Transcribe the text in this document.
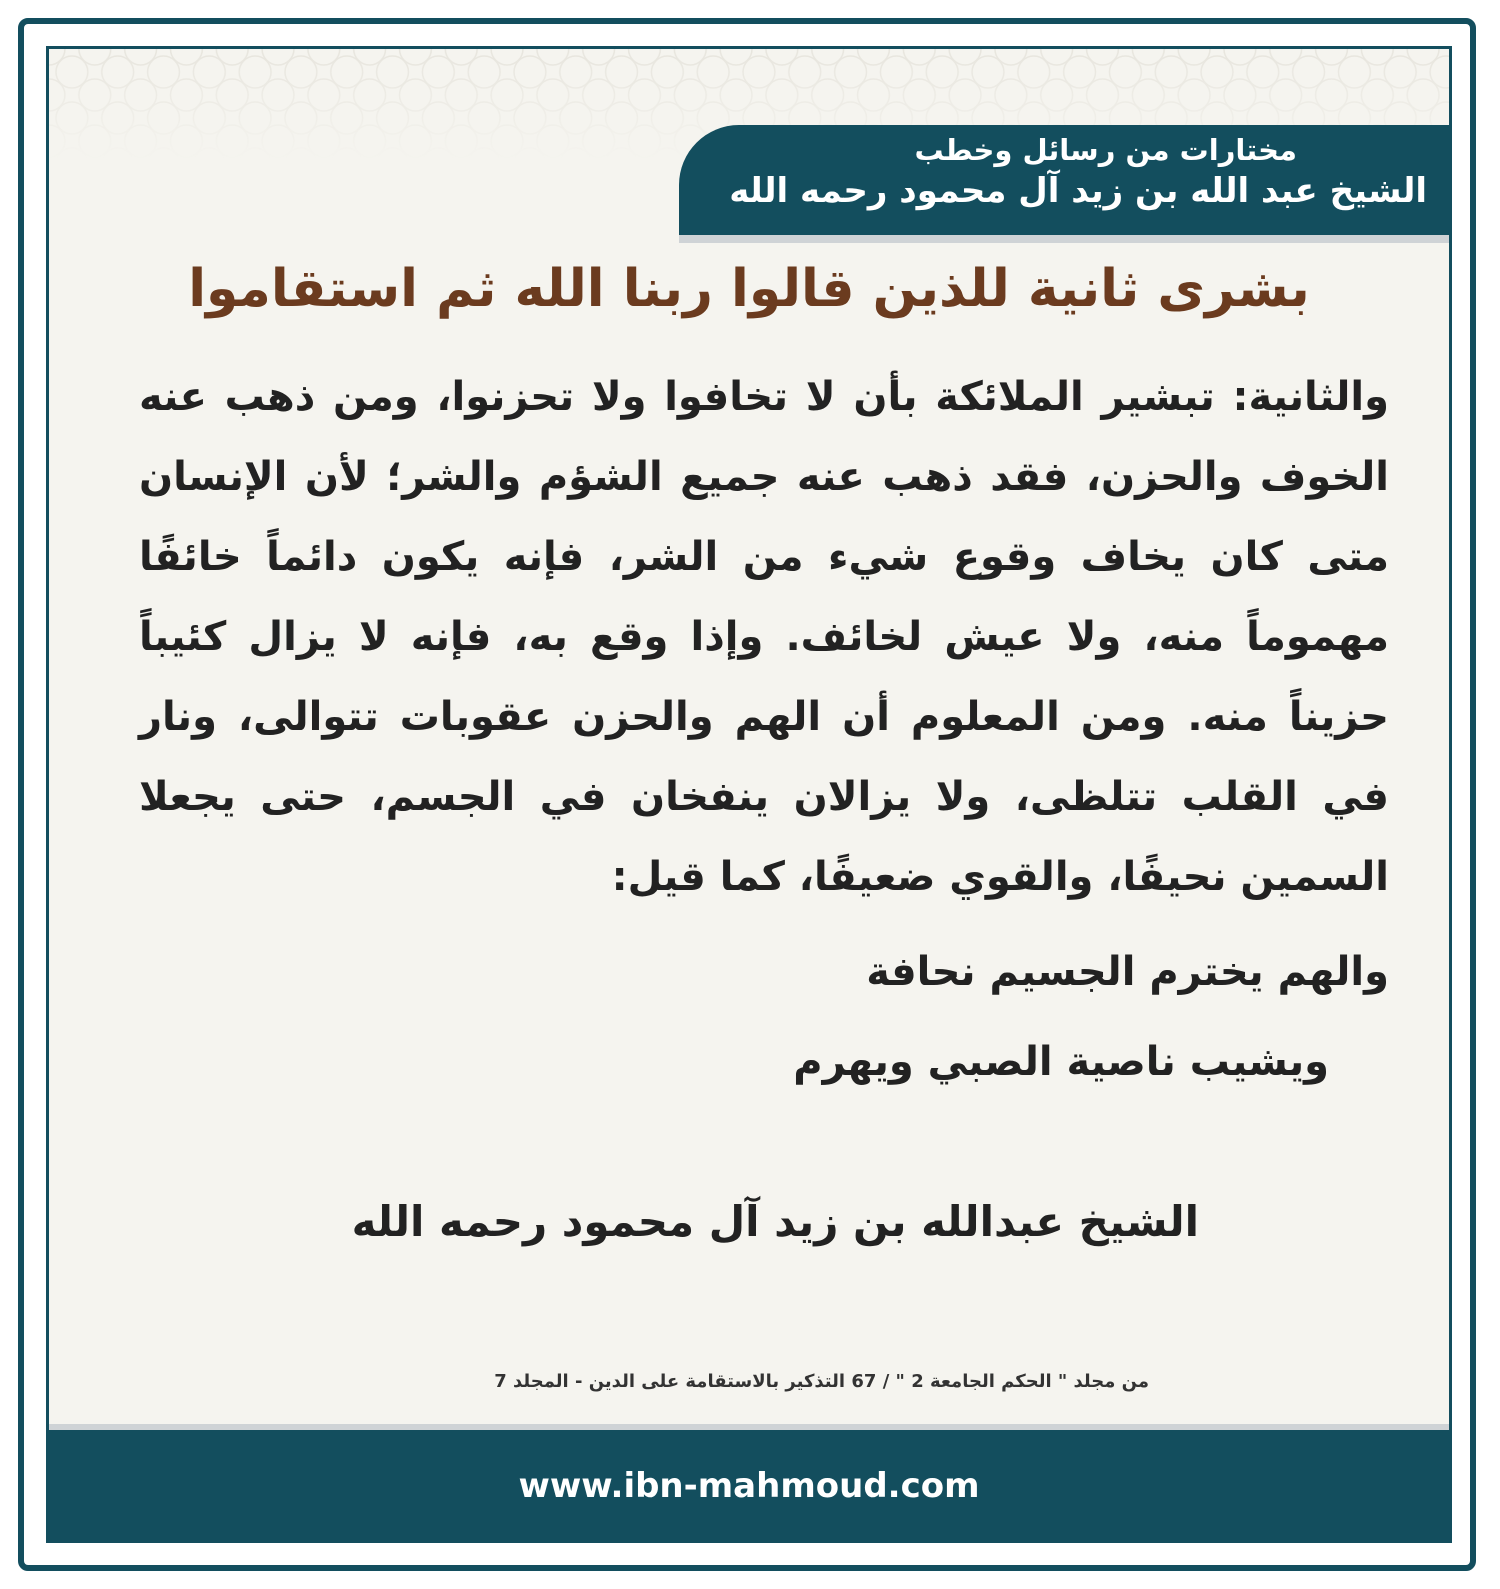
مختارات من رسائل وخطب
الشيخ عبد الله بن زيد آل محمود رحمه الله
بشرى ثانية للذين قالوا ربنا الله ثم استقاموا
والثانية: تبشير الملائكة بأن لا تخافوا ولا تحزنوا، ومن ذهب عنه الخوف والحزن، فقد ذهب عنه جميع الشؤم والشر؛ لأن الإنسان متى كان يخاف وقوع شيء من الشر، فإنه يكون دائماً خائفًا مهموماً منه، ولا عيش لخائف. وإذا وقع به، فإنه لا يزال كئيباً حزيناً منه. ومن المعلوم أن الهم والحزن عقوبات تتوالى، ونار في القلب تتلظى، ولا يزالان ينفخان في الجسم، حتى يجعلا السمين نحيفًا، والقوي ضعيفًا، كما قيل:
والهم يخترم الجسيم نحافة
ويشيب ناصية الصبي ويهرم
الشيخ عبدالله بن زيد آل محمود رحمه الله
من مجلد " الحكم الجامعة 2 " / 67 التذكير بالاستقامة على الدين - المجلد 7
www.ibn-mahmoud.com
